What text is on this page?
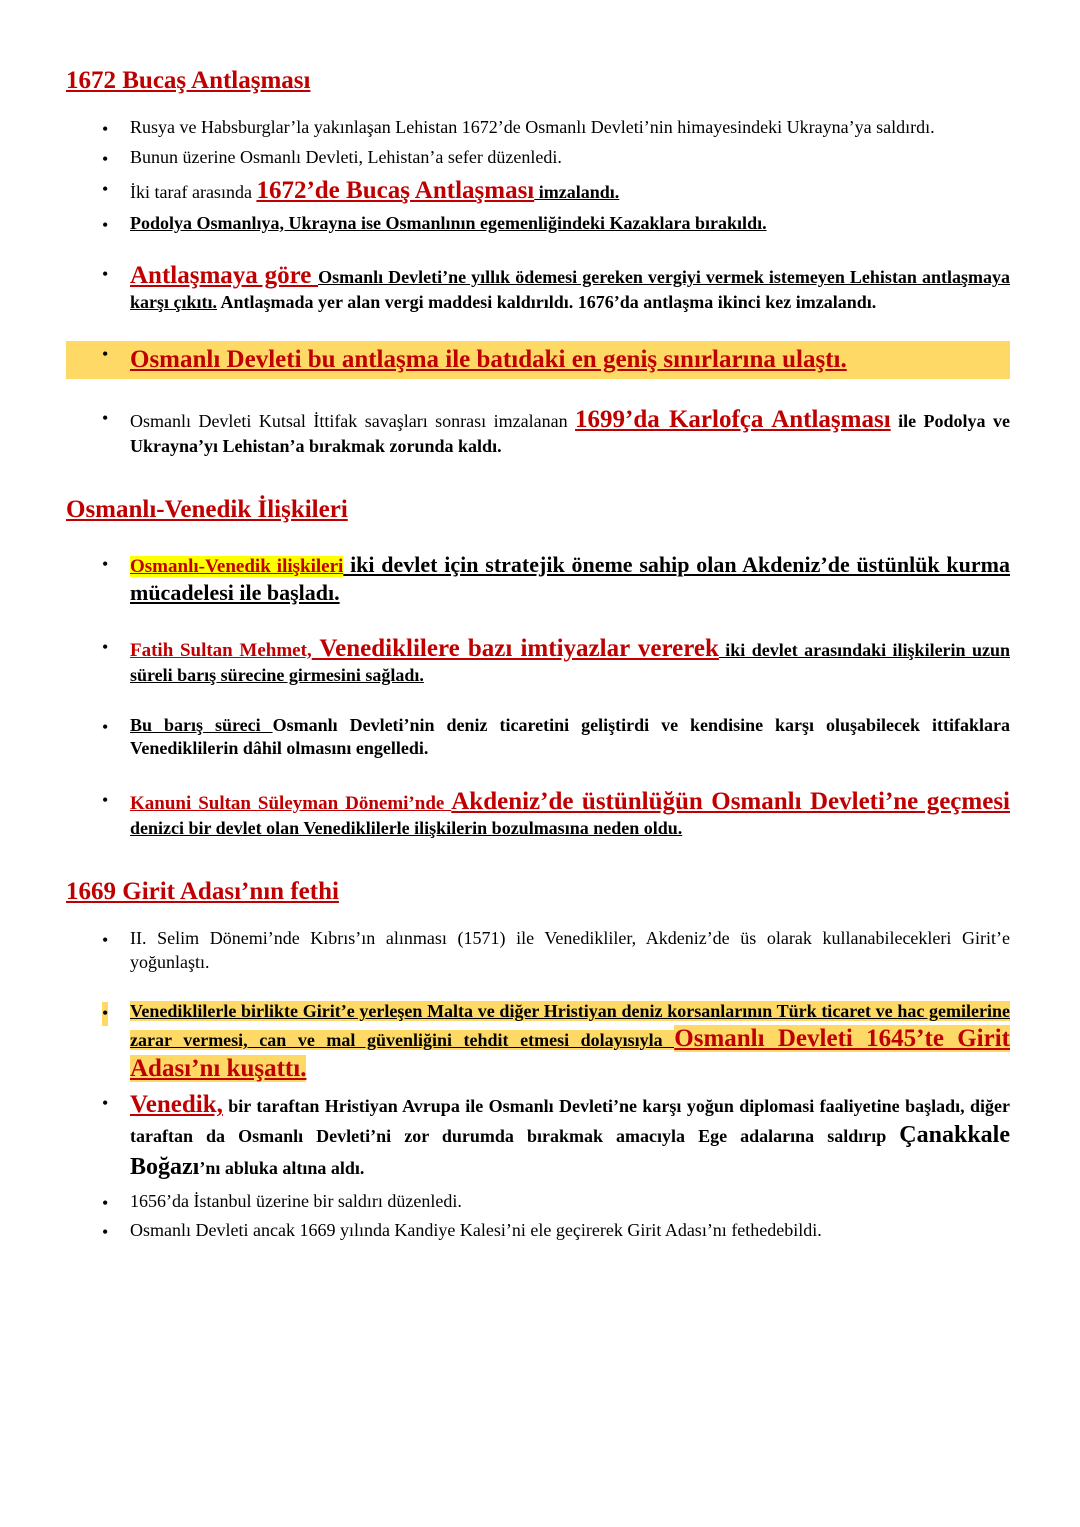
1672 Bucaş Antlaşması
• Rusya ve Habsburglar’la yakınlaşan Lehistan 1672’de Osmanlı Devleti’nin himayesindeki Ukrayna’ya saldırdı.
• Bunun üzerine Osmanlı Devleti, Lehistan’a sefer düzenledi.
• İki taraf arasında 1672’de Bucaş Antlaşması imzalandı.
• Podolya Osmanlıya, Ukrayna ise Osmanlının egemenliğindeki Kazaklara bırakıldı.
• Antlaşmaya göre Osmanlı Devleti’ne yıllık ödemesi gereken vergiyi vermek istemeyen Lehistan antlaşmaya karşı çıkıtı. Antlaşmada yer alan vergi maddesi kaldırıldı. 1676’da antlaşma ikinci kez imzalandı.
• Osmanlı Devleti bu antlaşma ile batıdaki en geniş sınırlarına ulaştı.
• Osmanlı Devleti Kutsal İttifak savaşları sonrası imzalanan 1699’da Karlofça Antlaşması ile Podolya ve Ukrayna’yı Lehistan’a bırakmak zorunda kaldı.
Osmanlı-Venedik İlişkileri
• Osmanlı-Venedik ilişkileri iki devlet için stratejik öneme sahip olan Akdeniz’de üstünlük kurma mücadelesi ile başladı.
• Fatih Sultan Mehmet, Venediklilere bazı imtiyazlar vererek iki devlet arasındaki ilişkilerin uzun süreli barış sürecine girmesini sağladı.
• Bu barış süreci Osmanlı Devleti’nin deniz ticaretini geliştirdi ve kendisine karşı oluşabilecek ittifaklara Venediklilerin dâhil olmasını engelledi.
• Kanuni Sultan Süleyman Dönemi’nde Akdeniz’de üstünlüğün Osmanlı Devleti’ne geçmesi denizci bir devlet olan Venediklilerle ilişkilerin bozulmasına neden oldu.
1669 Girit Adası’nın fethi
• II. Selim Dönemi’nde Kıbrıs’ın alınması (1571) ile Venedikliler, Akdeniz’de üs olarak kullanabilecekleri Girit’e yoğunlaştı.
• Venediklilerle birlikte Girit’e yerleşen Malta ve diğer Hristiyan deniz korsanlarının Türk ticaret ve hac gemilerine zarar vermesi, can ve mal güvenliğini tehdit etmesi dolayısıyla Osmanlı Devleti 1645’te Girit Adası’nı kuşattı.
• Venedik, bir taraftan Hristiyan Avrupa ile Osmanlı Devleti’ne karşı yoğun diplomasi faaliyetine başladı, diğer taraftan da Osmanlı Devleti’ni zor durumda bırakmak amacıyla Ege adalarına saldırıp Çanakkale Boğazı’nı abluka altına aldı.
• 1656’da İstanbul üzerine bir saldırı düzenledi.
• Osmanlı Devleti ancak 1669 yılında Kandiye Kalesi’ni ele geçirerek Girit Adası’nı fethedebildi.
